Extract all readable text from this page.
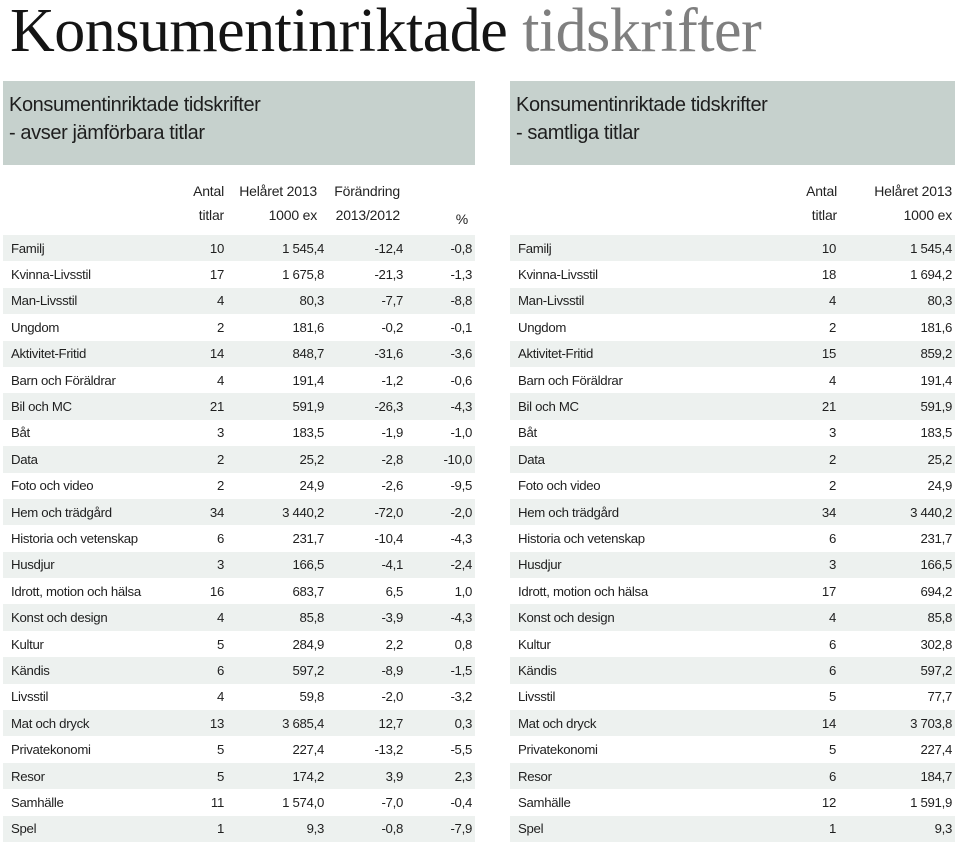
Konsumentinriktade tidskrifter
Konsumentinriktade tidskrifter
- avser jämförbara titlar
Antal
titlar
Helåret 2013
1000 ex
Förändring
2013/2012	%
Familj	10	1 545,4	-12,4	-0,8
Kvinna-Livsstil	17	1 675,8	-21,3	-1,3
Man-Livsstil	4	80,3	-7,7	-8,8
Ungdom	2	181,6	-0,2	-0,1
Aktivitet-Fritid	14	848,7	-31,6	-3,6
Barn och Föräldrar	4	191,4	-1,2	-0,6
Bil och MC	21	591,9	-26,3	-4,3
Båt	3	183,5	-1,9	-1,0
Data	2	25,2	-2,8	-10,0
Foto och video	2	24,9	-2,6	-9,5
Hem och trädgård	34	3 440,2	-72,0	-2,0
Historia och vetenskap	6	231,7	-10,4	-4,3
Husdjur	3	166,5	-4,1	-2,4
Idrott, motion och hälsa	16	683,7	6,5	1,0
Konst och design	4	85,8	-3,9	-4,3
Kultur	5	284,9	2,2	0,8
Kändis	6	597,2	-8,9	-1,5
Livsstil	4	59,8	-2,0	-3,2
Mat och dryck	13	3 685,4	12,7	0,3
Privatekonomi	5	227,4	-13,2	-5,5
Resor	5	174,2	3,9	2,3
Samhälle	11	1 574,0	-7,0	-0,4
Spel	1	9,3	-0,8	-7,9
Konsumentinriktade tidskrifter
- samtliga titlar
Antal
titlar
Helåret 2013
1000 ex
Familj	10	1 545,4
Kvinna-Livsstil	18	1 694,2
Man-Livsstil	4	80,3
Ungdom	2	181,6
Aktivitet-Fritid	15	859,2
Barn och Föräldrar	4	191,4
Bil och MC	21	591,9
Båt	3	183,5
Data	2	25,2
Foto och video	2	24,9
Hem och trädgård	34	3 440,2
Historia och vetenskap	6	231,7
Husdjur	3	166,5
Idrott, motion och hälsa	17	694,2
Konst och design	4	85,8
Kultur	6	302,8
Kändis	6	597,2
Livsstil	5	77,7
Mat och dryck	14	3 703,8
Privatekonomi	5	227,4
Resor	6	184,7
Samhälle	12	1 591,9
Spel	1	9,3
